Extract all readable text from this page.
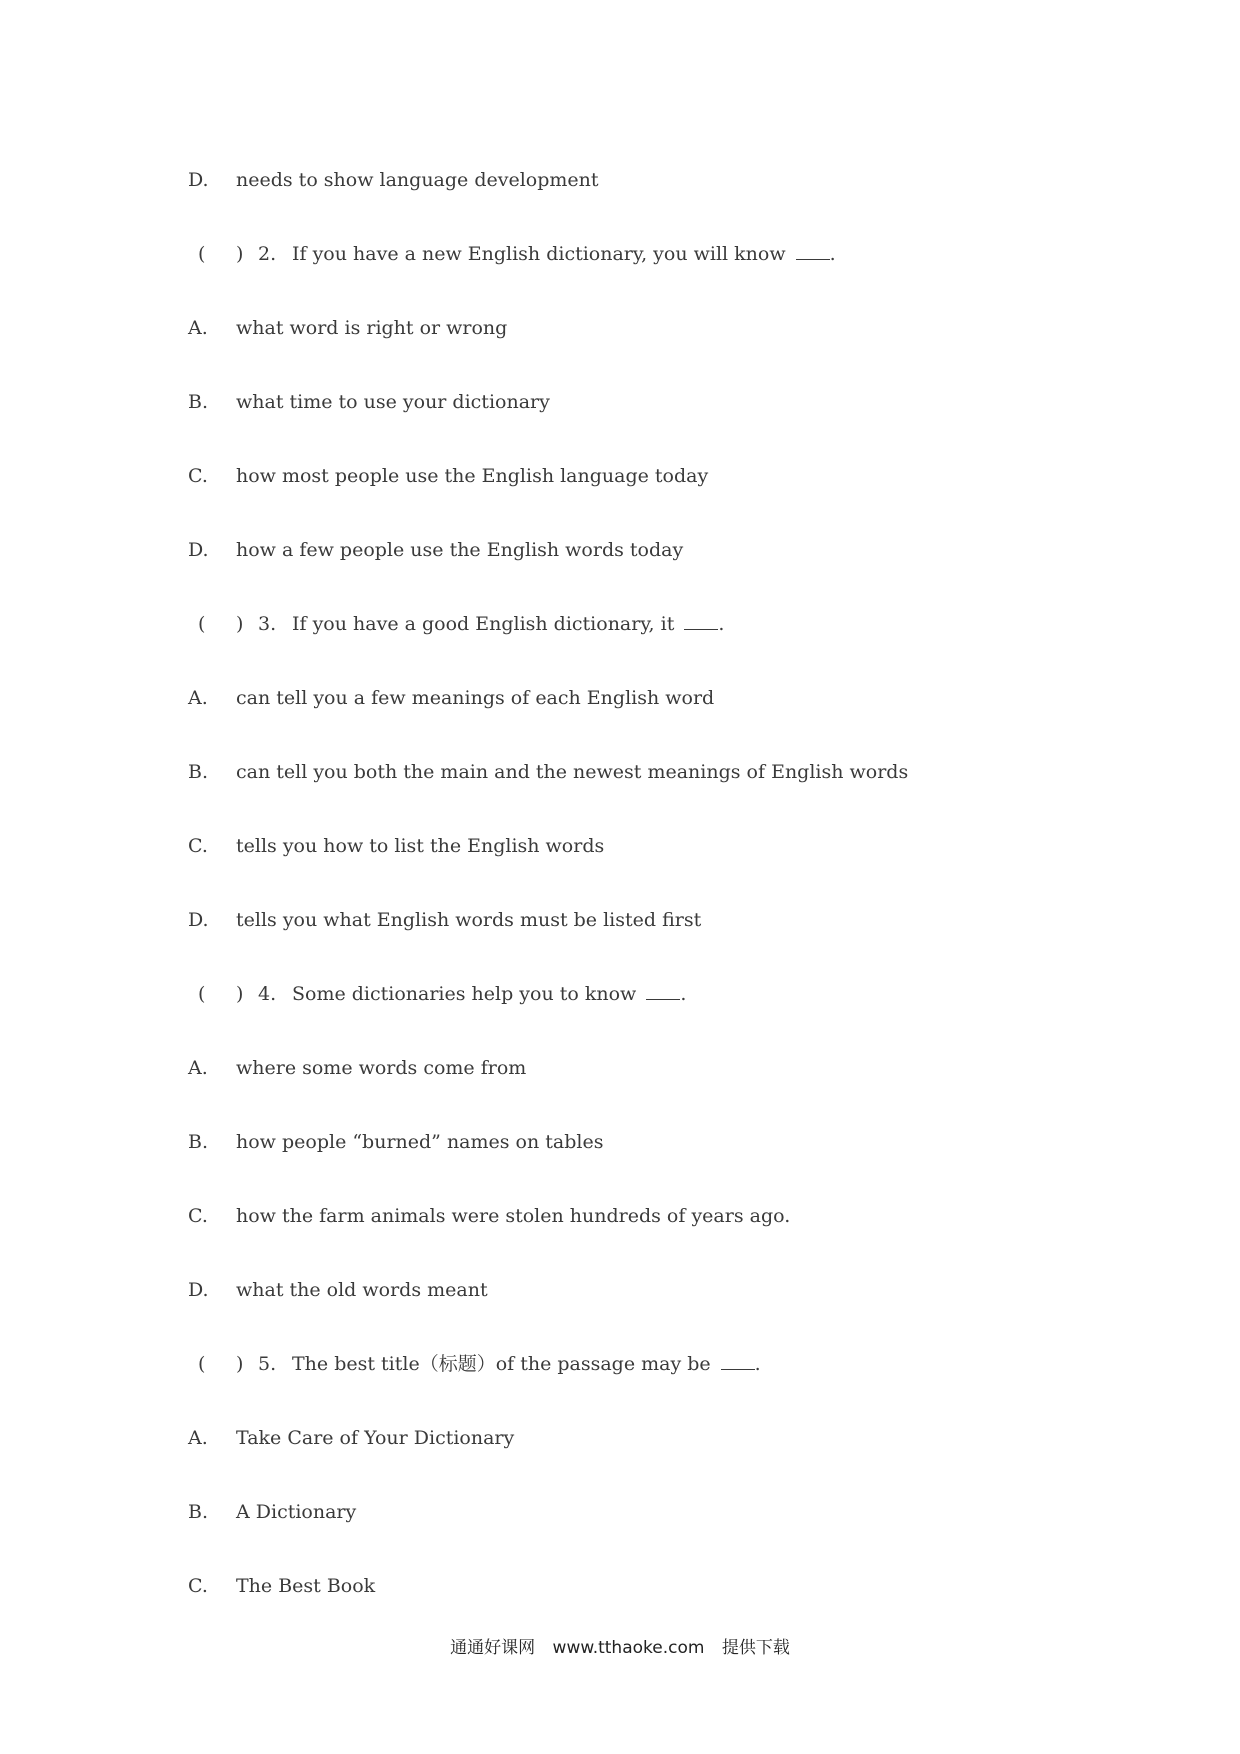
D. needs to show language development
( ) 2. If you have a new English dictionary, you will know .
A. what word is right or wrong
B. what time to use your dictionary
C. how most people use the English language today
D. how a few people use the English words today
( ) 3. If you have a good English dictionary, it .
A. can tell you a few meanings of each English word
B. can tell you both the main and the newest meanings of English words
C. tells you how to list the English words
D. tells you what English words must be listed first
( ) 4. Some dictionaries help you to know .
A. where some words come from
B. how people “burned” names on tables
C. how the farm animals were stolen hundreds of years ago.
D. what the old words meant
( ) 5. The best title（标题）of the passage may be .
A. Take Care of Your Dictionary
B. A Dictionary
C. The Best Book
通通好课网 www.tthaoke.com 提供下载
